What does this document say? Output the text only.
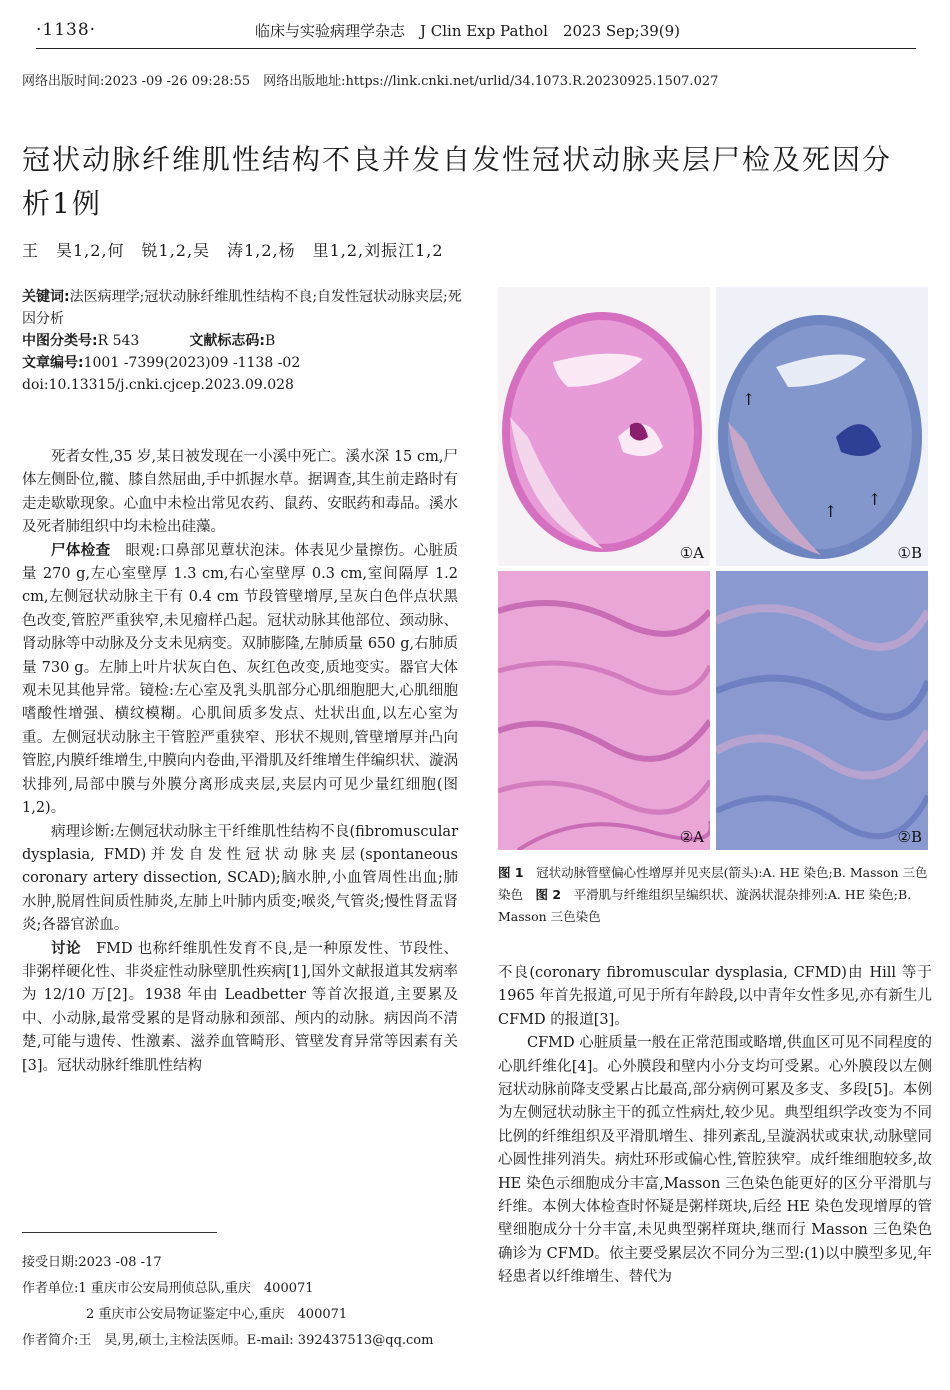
·1138·	临床与实验病理学杂志　J Clin Exp Pathol　2023 Sep;39(9)
网络出版时间:2023 -09 -26 09:28:55　网络出版地址:https://link.cnki.net/urlid/34.1073.R.20230925.1507.027
冠状动脉纤维肌性结构不良并发自发性冠状动脉夹层尸检及死因分析1例
王　昊1,2,何　锐1,2,吴　涛1,2,杨　里1,2,刘振江1,2
关键词:法医病理学;冠状动脉纤维肌性结构不良;自发性冠状动脉夹层;死因分析
中图分类号:R 543	文献标志码:B
文章编号:1001 -7399(2023)09 -1138 -02
doi:10.13315/j.cnki.cjcep.2023.09.028

死者女性,35 岁,某日被发现在一小溪中死亡。溪水深 15 cm,尸体左侧卧位,髋、膝自然屈曲,手中抓握水草。据调查,其生前走路时有走走歇歇现象。心血中未检出常见农药、鼠药、安眠药和毒品。溪水及死者肺组织中均未检出硅藻。

尸体检查　眼观:口鼻部见蕈状泡沫。体表见少量擦伤。心脏质量 270 g,左心室壁厚 1.3 cm,右心室壁厚 0.3 cm,室间隔厚 1.2 cm,左侧冠状动脉主干有 0.4 cm 节段管壁增厚,呈灰白色伴点状黑色改变,管腔严重狭窄,未见瘤样凸起。冠状动脉其他部位、颈动脉、肾动脉等中动脉及分支未见病变。双肺膨隆,左肺质量 650 g,右肺质量 730 g。左肺上叶片状灰白色、灰红色改变,质地变实。器官大体观未见其他异常。镜检:左心室及乳头肌部分心肌细胞肥大,心肌细胞嗜酸性增强、横纹模糊。心肌间质多发点、灶状出血,以左心室为重。左侧冠状动脉主干管腔严重狭窄、形状不规则,管壁增厚并凸向管腔,内膜纤维增生,中膜向内卷曲,平滑肌及纤维增生伴编织状、漩涡状排列,局部中膜与外膜分离形成夹层,夹层内可见少量红细胞(图 1,2)。

病理诊断:左侧冠状动脉主干纤维肌性结构不良(fibromuscular dysplasia, FMD)并发自发性冠状动脉夹层(spontaneous coronary artery dissection, SCAD);脑水肿,小血管周性出血;肺水肿,脱屑性间质性肺炎,左肺上叶肺内质变;喉炎,气管炎;慢性肾盂肾炎;各器官淤血。

讨论　FMD 也称纤维肌性发育不良,是一种原发性、节段性、非粥样硬化性、非炎症性动脉壁肌性疾病[1],国外文献报道其发病率为 12/10 万[2]。1938 年由 Leadbetter 等首次报道,主要累及中、小动脉,最常受累的是肾动脉和颈部、颅内的动脉。病因尚不清楚,可能与遗传、性激素、滋养血管畸形、管壁发育异常等因素有关[3]。冠状动脉纤维肌性结构

接受日期:2023 -08 -17
作者单位:1 重庆市公安局刑侦总队,重庆　400071
2 重庆市公安局物证鉴定中心,重庆　400071
作者简介:王　昊,男,硕士,主检法医师。E-mail: 392437513@qq.com
①A
↑
↑
↑
①B
②A	②B
图 1　 冠状动脉管壁偏心性增厚并见夹层(箭头):A. HE 染色;B. Masson 三色染色　 图 2　 平滑肌与纤维组织呈编织状、漩涡状混杂排列:A. HE 染色;B. Masson 三色染色

不良(coronary fibromuscular dysplasia, CFMD)由 Hill 等于 1965 年首先报道,可见于所有年龄段,以中青年女性多见,亦有新生儿 CFMD 的报道[3]。

CFMD 心脏质量一般在正常范围或略增,供血区可见不同程度的心肌纤维化[4]。心外膜段和壁内小分支均可受累。心外膜段以左侧冠状动脉前降支受累占比最高,部分病例可累及多支、多段[5]。本例为左侧冠状动脉主干的孤立性病灶,较少见。典型组织学改变为不同比例的纤维组织及平滑肌增生、排列紊乱,呈漩涡状或束状,动脉壁同心圆性排列消失。病灶环形或偏心性,管腔狭窄。成纤维细胞较多,故 HE 染色示细胞成分丰富,Masson 三色染色能更好的区分平滑肌与纤维。本例大体检查时怀疑是粥样斑块,后经 HE 染色发现增厚的管壁细胞成分十分丰富,未见典型粥样斑块,继而行 Masson 三色染色确诊为 CFMD。依主要受累层次不同分为三型:(1)以中膜型多见,年轻患者以纤维增生、替代为
